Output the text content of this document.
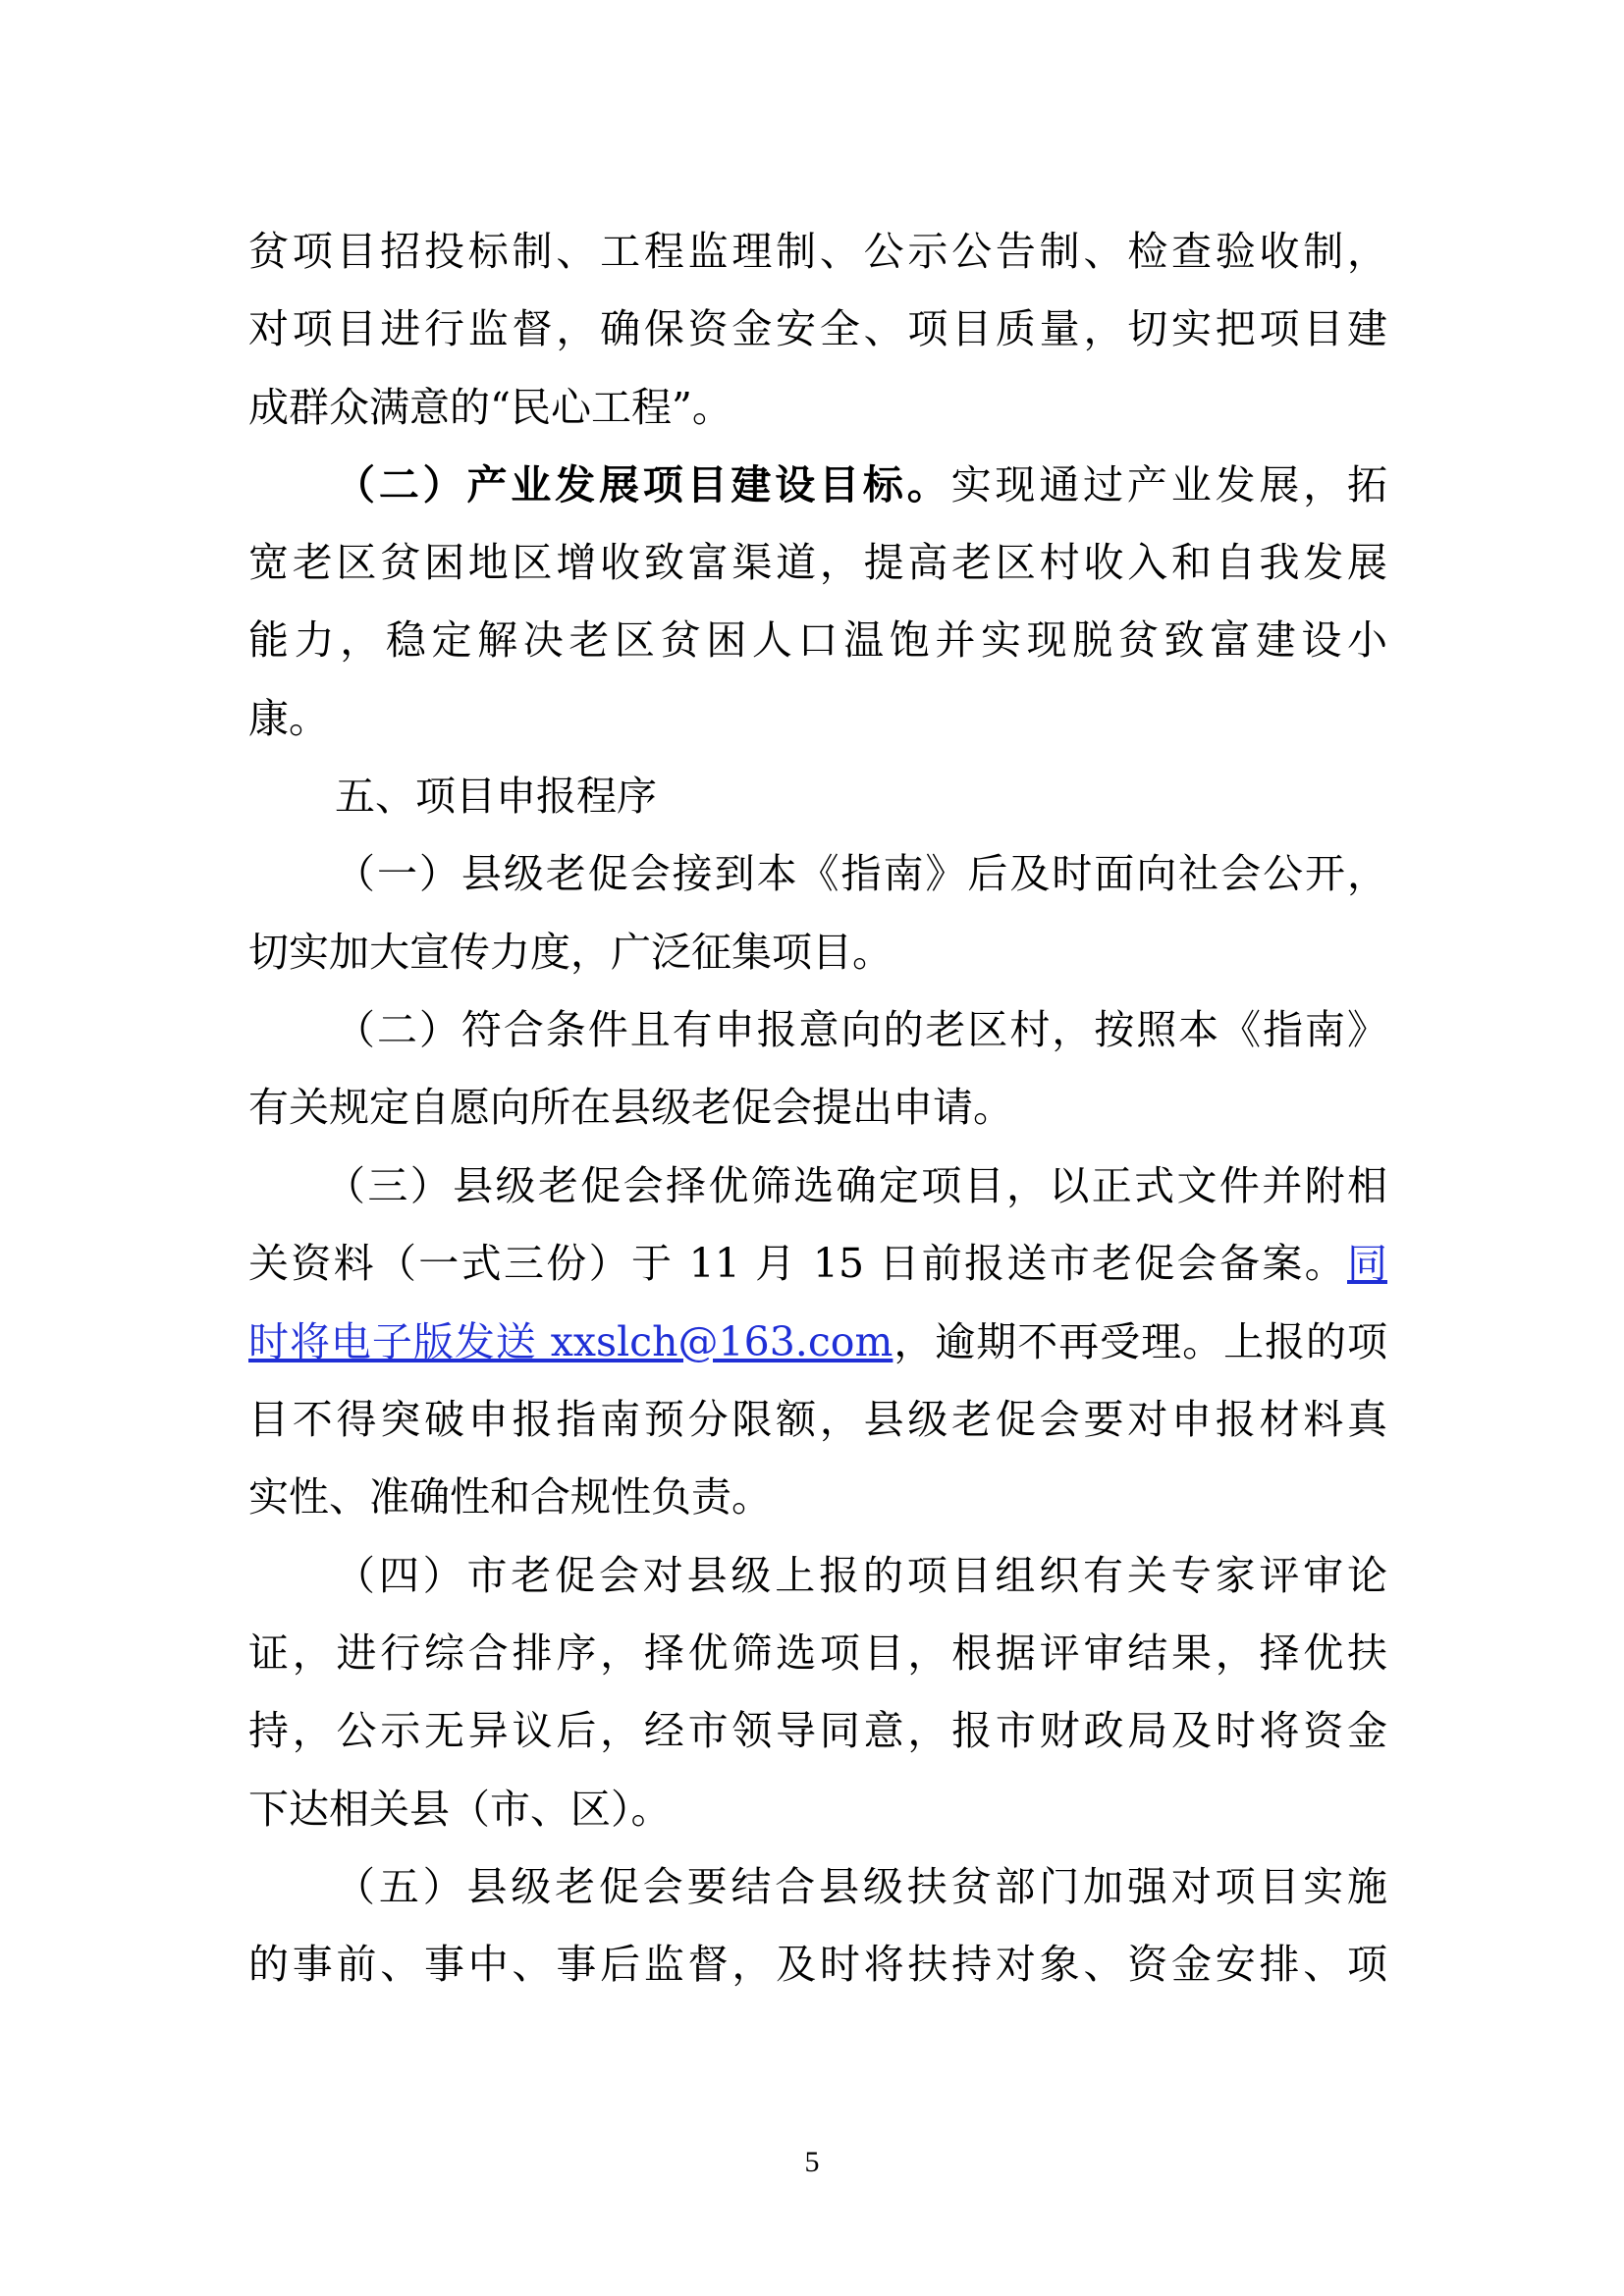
贫项目招投标制、工程监理制、公示公告制、检查验收制，
对项目进行监督，确保资金安全、项目质量，切实把项目建
成群众满意的“民心工程”。
（二）产业发展项目建设目标。实现通过产业发展，拓
宽老区贫困地区增收致富渠道，提高老区村收入和自我发展
能力，稳定解决老区贫困人口温饱并实现脱贫致富建设小
康。
五、项目申报程序
（一）县级老促会接到本《指南》后及时面向社会公开，
切实加大宣传力度，广泛征集项目。
（二）符合条件且有申报意向的老区村，按照本《指南》
有关规定自愿向所在县级老促会提出申请。
（三）县级老促会择优筛选确定项目，以正式文件并附相
关资料（一式三份）于 11 月 15 日前报送市老促会备案。同
时将电子版发送 xxslch@163.com，逾期不再受理。上报的项
目不得突破申报指南预分限额，县级老促会要对申报材料真
实性、准确性和合规性负责。
（四）市老促会对县级上报的项目组织有关专家评审论
证，进行综合排序，择优筛选项目，根据评审结果，择优扶
持，公示无异议后，经市领导同意，报市财政局及时将资金
下达相关县（市、区）。
（五）县级老促会要结合县级扶贫部门加强对项目实施
的事前、事中、事后监督，及时将扶持对象、资金安排、项
5
